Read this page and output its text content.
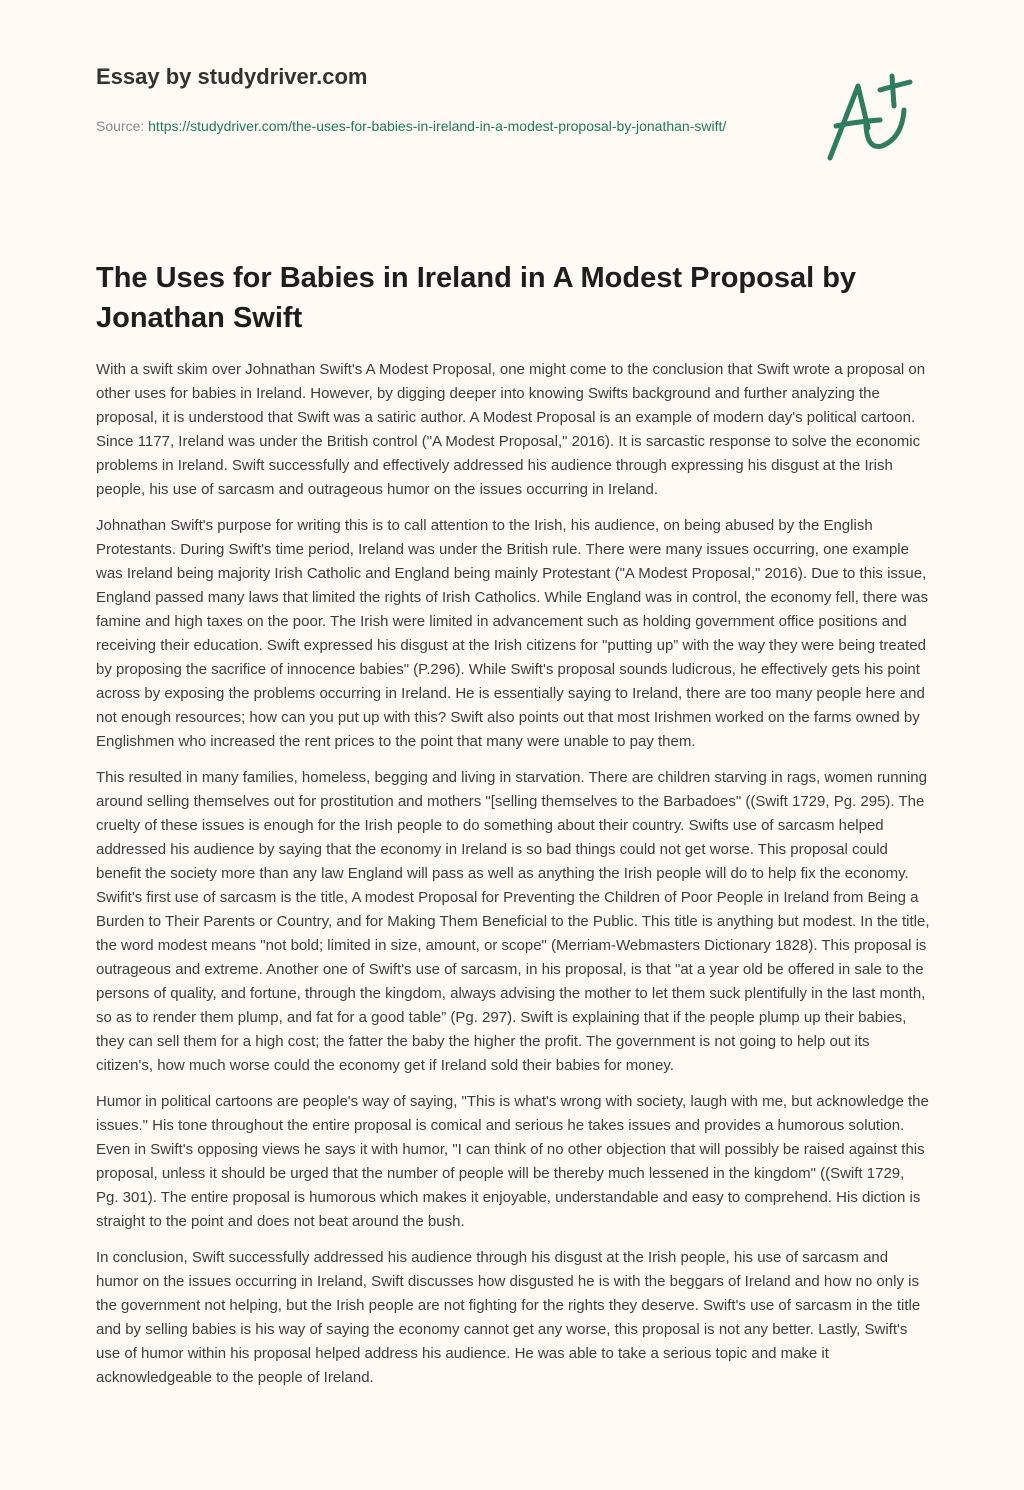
Essay by studydriver.com
Source: https://studydriver.com/the-uses-for-babies-in-ireland-in-a-modest-proposal-by-jonathan-swift/
The Uses for Babies in Ireland in A Modest Proposal by Jonathan Swift

With a swift skim over Johnathan Swift's A Modest Proposal, one might come to the conclusion that Swift wrote a proposal on other uses for babies in Ireland. However, by digging deeper into knowing Swifts background and further analyzing the proposal, it is understood that Swift was a satiric author. A Modest Proposal is an example of modern day's political cartoon. Since 1177, Ireland was under the British control ("A Modest Proposal," 2016). It is sarcastic response to solve the economic problems in Ireland. Swift successfully and effectively addressed his audience through expressing his disgust at the Irish people, his use of sarcasm and outrageous humor on the issues occurring in Ireland.

Johnathan Swift's purpose for writing this is to call attention to the Irish, his audience, on being abused by the English Protestants. During Swift's time period, Ireland was under the British rule. There were many issues occurring, one example was Ireland being majority Irish Catholic and England being mainly Protestant ("A Modest Proposal," 2016). Due to this issue, England passed many laws that limited the rights of Irish Catholics. While England was in control, the economy fell, there was famine and high taxes on the poor. The Irish were limited in advancement such as holding government office positions and receiving their education. Swift expressed his disgust at the Irish citizens for "putting up” with the way they were being treated by proposing the sacrifice of innocence babies" (P.296). While Swift's proposal sounds ludicrous, he effectively gets his point across by exposing the problems occurring in Ireland. He is essentially saying to Ireland, there are too many people here and not enough resources; how can you put up with this? Swift also points out that most Irishmen worked on the farms owned by Englishmen who increased the rent prices to the point that many were unable to pay them.

This resulted in many families, homeless, begging and living in starvation. There are children starving in rags, women running around selling themselves out for prostitution and mothers "[selling themselves to the Barbadoes" ((Swift 1729, Pg. 295). The cruelty of these issues is enough for the Irish people to do something about their country. Swifts use of sarcasm helped addressed his audience by saying that the economy in Ireland is so bad things could not get worse. This proposal could benefit the society more than any law England will pass as well as anything the Irish people will do to help fix the economy. Swifit's first use of sarcasm is the title, A modest Proposal for Preventing the Children of Poor People in Ireland from Being a Burden to Their Parents or Country, and for Making Them Beneficial to the Public. This title is anything but modest. In the title, the word modest means "not bold; limited in size, amount, or scope" (Merriam-Webmasters Dictionary 1828). This proposal is outrageous and extreme. Another one of Swift's use of sarcasm, in his proposal, is that "at a year old be offered in sale to the persons of quality, and fortune, through the kingdom, always advising the mother to let them suck plentifully in the last month, so as to render them plump, and fat for a good table” (Pg. 297). Swift is explaining that if the people plump up their babies, they can sell them for a high cost; the fatter the baby the higher the profit. The government is not going to help out its citizen's, how much worse could the economy get if Ireland sold their babies for money.

Humor in political cartoons are people's way of saying, "This is what's wrong with society, laugh with me, but acknowledge the issues." His tone throughout the entire proposal is comical and serious he takes issues and provides a humorous solution. Even in Swift's opposing views he says it with humor, "I can think of no other objection that will possibly be raised against this proposal, unless it should be urged that the number of people will be thereby much lessened in the kingdom" ((Swift 1729, Pg. 301). The entire proposal is humorous which makes it enjoyable, understandable and easy to comprehend. His diction is straight to the point and does not beat around the bush.

In conclusion, Swift successfully addressed his audience through his disgust at the Irish people, his use of sarcasm and humor on the issues occurring in Ireland, Swift discusses how disgusted he is with the beggars of Ireland and how no only is the government not helping, but the Irish people are not fighting for the rights they deserve. Swift's use of sarcasm in the title and by selling babies is his way of saying the economy cannot get any worse, this proposal is not any better. Lastly, Swift's use of humor within his proposal helped address his audience. He was able to take a serious topic and make it acknowledgeable to the people of Ireland.
